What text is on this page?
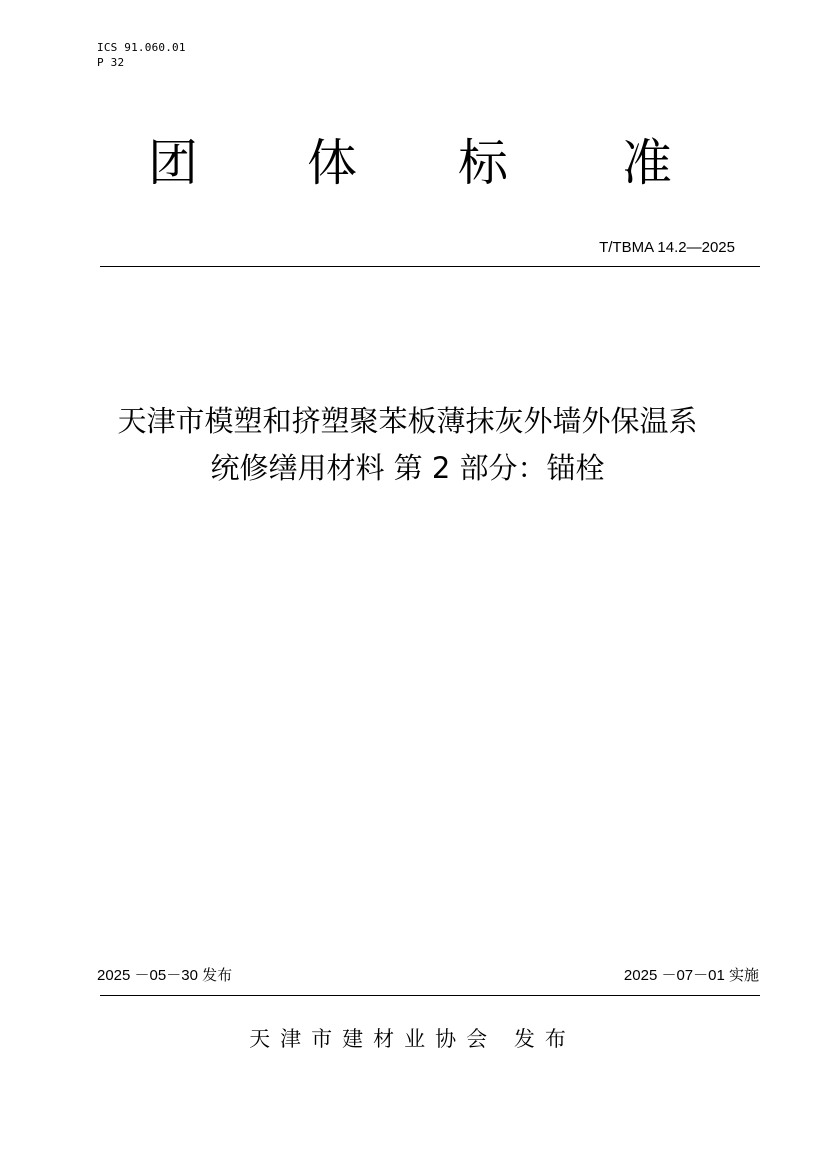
ICS 91.060.01
P 32
团 体 标 准
T/TBMA 14.2—2025
天津市模塑和挤塑聚苯板薄抹灰外墙外保温系
统修缮用材料 第 2 部分：锚栓
2025 －05－30 发布	2025 －07－01 实施
天津市建材业协会 发布
